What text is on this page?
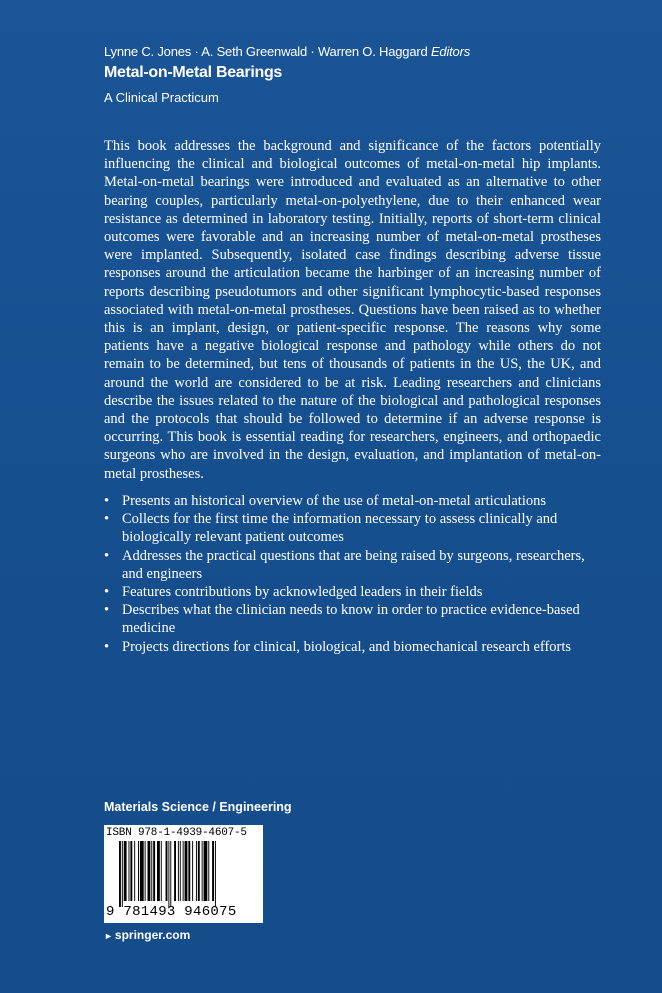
Lynne C. Jones · A. Seth Greenwald · Warren O. Haggard Editors
Metal-on-Metal Bearings
A Clinical Practicum

This book addresses the background and significance of the factors potentially influencing the clinical and biological outcomes of metal-on-metal hip implants. Metal-on-metal bearings were introduced and evaluated as an alternative to other bearing couples, particularly metal-on-polyethylene, due to their enhanced wear resistance as determined in laboratory testing. Initially, reports of short-term clinical outcomes were favorable and an increasing number of metal-on-metal prostheses were implanted. Subsequently, isolated case findings describing adverse tissue responses around the articulation became the harbinger of an increasing number of reports describing pseudotumors and other significant lymphocytic-based responses associated with metal-on-metal prostheses. Questions have been raised as to whether this is an implant, design, or patient-specific response. The reasons why some patients have a negative biological response and pathology while others do not remain to be determined, but tens of thousands of patients in the US, the UK, and around the world are considered to be at risk. Leading researchers and clinicians describe the issues related to the nature of the biological and pathological responses and the protocols that should be followed to determine if an adverse response is occurring. This book is essential reading for researchers, engineers, and orthopaedic surgeons who are involved in the design, evaluation, and implantation of metal-on-metal prostheses.

• Presents an historical overview of the use of metal-on-metal articulations
• Collects for the first time the information necessary to assess clinically and biologically relevant patient outcomes
• Addresses the practical questions that are being raised by surgeons, researchers, and engineers
• Features contributions by acknowledged leaders in their fields
• Describes what the clinician needs to know in order to practice evidence-based medicine
• Projects directions for clinical, biological, and biomechanical research efforts
Materials Science / Engineering
ISBN 978-1-4939-4607-5
9 781493 946075
► springer.com
